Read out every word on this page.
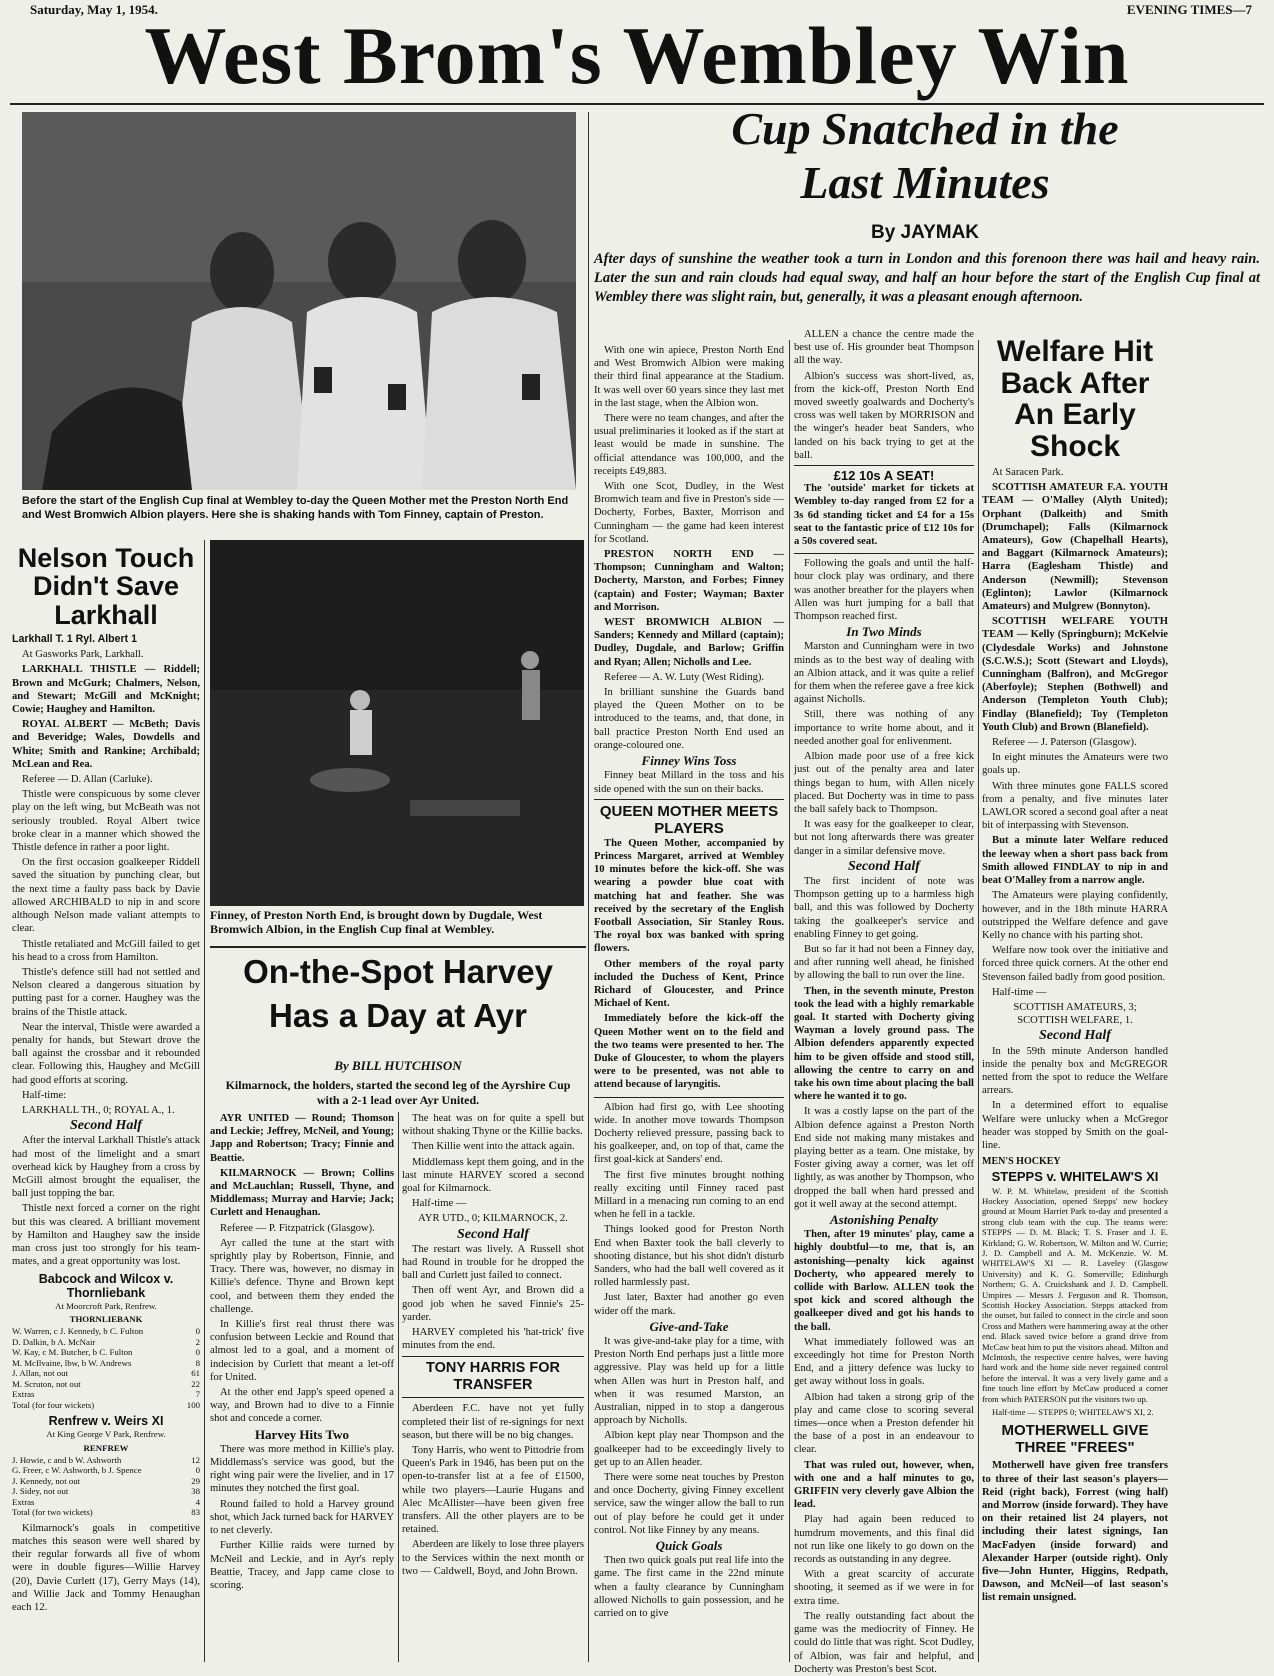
Saturday, May 1, 1954.	EVENING TIMES—7
West Brom's Wembley Win
Before the start of the English Cup final at Wembley to-day the Queen Mother met the Preston North End and West Bromwich Albion players. Here she is shaking hands with Tom Finney, captain of Preston.
Cup Snatched in the
Last Minutes
By JAYMAK
After days of sunshine the weather took a turn in London and this forenoon there was hail and heavy rain. Later the sun and rain clouds had equal sway, and half an hour before the start of the English Cup final at Wembley there was slight rain, but, generally, it was a pleasant enough afternoon.

With one win apiece, Preston North End and West Bromwich Albion were making their third final appearance at the Stadium. It was well over 60 years since they last met in the last stage, when the Albion won.

There were no team changes, and after the usual preliminaries it looked as if the start at least would be made in sunshine. The official attendance was 100,000, and the receipts £49,883.

With one Scot, Dudley, in the West Bromwich team and five in Preston's side — Docherty, Forbes, Baxter, Morrison and Cunningham — the game had keen interest for Scotland.

PRESTON NORTH END — Thompson; Cunningham and Walton; Docherty, Marston, and Forbes; Finney (captain) and Foster; Wayman; Baxter and Morrison.

WEST BROMWICH ALBION — Sanders; Kennedy and Millard (captain); Dudley, Dugdale, and Barlow; Griffin and Ryan; Allen; Nicholls and Lee.

Referee — A. W. Luty (West Riding).

In brilliant sunshine the Guards band played the Queen Mother on to be introduced to the teams, and, that done, in ball practice Preston North End used an orange-coloured one.

Finney Wins Toss

Finney beat Millard in the toss and his side opened with the sun on their backs.

QUEEN MOTHER MEETS PLAYERS

The Queen Mother, accompanied by Princess Margaret, arrived at Wembley 10 minutes before the kick-off. She was wearing a powder blue coat with matching hat and feather. She was received by the secretary of the English Football Association, Sir Stanley Rous. The royal box was banked with spring flowers.

Other members of the royal party included the Duchess of Kent, Prince Richard of Gloucester, and Prince Michael of Kent.

Immediately before the kick-off the Queen Mother went on to the field and the two teams were presented to her. The Duke of Gloucester, to whom the players were to be presented, was not able to attend because of laryngitis.

Albion had first go, with Lee shooting wide. In another move towards Thompson Docherty relieved pressure, passing back to his goalkeeper, and, on top of that, came the first goal-kick at Sanders' end.

The first five minutes brought nothing really exciting until Finney raced past Millard in a menacing run coming to an end when he fell in a tackle.

Things looked good for Preston North End when Baxter took the ball cleverly to shooting distance, but his shot didn't disturb Sanders, who had the ball well covered as it rolled harmlessly past.

Just later, Baxter had another go even wider off the mark.

Give-and-Take

It was give-and-take play for a time, with Preston North End perhaps just a little more aggressive. Play was held up for a little when Allen was hurt in Preston half, and when it was resumed Marston, an Australian, nipped in to stop a dangerous approach by Nicholls.

Albion kept play near Thompson and the goalkeeper had to be exceedingly lively to get up to an Allen header.

There were some neat touches by Preston and once Docherty, giving Finney excellent service, saw the winger allow the ball to run out of play before he could get it under control. Not like Finney by any means.

Quick Goals

Then two quick goals put real life into the game. The first came in the 22nd minute when a faulty clearance by Cunningham allowed Nicholls to gain possession, and he carried on to give

ALLEN a chance the centre made the best use of. His grounder beat Thompson all the way.

Albion's success was short-lived, as, from the kick-off, Preston North End moved sweetly goalwards and Docherty's cross was well taken by MORRISON and the winger's header beat Sanders, who landed on his back trying to get at the ball.

£12 10s A SEAT!

The 'outside' market for tickets at Wembley to-day ranged from £2 for a 3s 6d standing ticket and £4 for a 15s seat to the fantastic price of £12 10s for a 50s covered seat.

Following the goals and until the half-hour clock play was ordinary, and there was another breather for the players when Allen was hurt jumping for a ball that Thompson reached first.

In Two Minds

Marston and Cunningham were in two minds as to the best way of dealing with an Albion attack, and it was quite a relief for them when the referee gave a free kick against Nicholls.

Still, there was nothing of any importance to write home about, and it needed another goal for enlivenment.

Albion made poor use of a free kick just out of the penalty area and later things began to hum, with Allen nicely placed. But Docherty was in time to pass the ball safely back to Thompson.

It was easy for the goalkeeper to clear, but not long afterwards there was greater danger in a similar defensive move.

Second Half

The first incident of note was Thompson getting up to a harmless high ball, and this was followed by Docherty taking the goalkeeper's service and enabling Finney to get going.

But so far it had not been a Finney day, and after running well ahead, he finished by allowing the ball to run over the line.

Then, in the seventh minute, Preston took the lead with a highly remarkable goal. It started with Docherty giving Wayman a lovely ground pass. The Albion defenders apparently expected him to be given offside and stood still, allowing the centre to carry on and take his own time about placing the ball where he wanted it to go.

It was a costly lapse on the part of the Albion defence against a Preston North End side not making many mistakes and playing better as a team. One mistake, by Foster giving away a corner, was let off lightly, as was another by Thompson, who dropped the ball when hard pressed and got it well away at the second attempt.

Astonishing Penalty

Then, after 19 minutes' play, came a highly doubtful—to me, that is, an astonishing—penalty kick against Docherty, who appeared merely to collide with Barlow. ALLEN took the spot kick and scored although the goalkeeper dived and got his hands to the ball.

What immediately followed was an exceedingly hot time for Preston North End, and a jittery defence was lucky to get away without loss in goals.

Albion had taken a strong grip of the play and came close to scoring several times—once when a Preston defender hit the base of a post in an endeavour to clear.

That was ruled out, however, when, with one and a half minutes to go, GRIFFIN very cleverly gave Albion the lead.

Play had again been reduced to humdrum movements, and this final did not run like one likely to go down on the records as outstanding in any degree.

With a great scarcity of accurate shooting, it seemed as if we were in for extra time.

The really outstanding fact about the game was the mediocrity of Finney. He could do little that was right. Scot Dudley, of Albion, was fair and helpful, and Docherty was Preston's best Scot.

Welfare Hit Back After An Early Shock

At Saracen Park.

SCOTTISH AMATEUR F.A. YOUTH TEAM — O'Malley (Alyth United); Orphant (Dalkeith) and Smith (Drumchapel); Falls (Kilmarnock Amateurs), Gow (Chapelhall Hearts), and Baggart (Kilmarnock Amateurs); Harra (Eaglesham Thistle) and Anderson (Newmill); Stevenson (Eglinton); Lawlor (Kilmarnock Amateurs) and Mulgrew (Bonnyton).

SCOTTISH WELFARE YOUTH TEAM — Kelly (Springburn); McKelvie (Clydesdale Works) and Johnstone (S.C.W.S.); Scott (Stewart and Lloyds), Cunningham (Balfron), and McGregor (Aberfoyle); Stephen (Bothwell) and Anderson (Templeton Youth Club); Findlay (Blanefield); Toy (Templeton Youth Club) and Brown (Blanefield).

Referee — J. Paterson (Glasgow).

In eight minutes the Amateurs were two goals up.

With three minutes gone FALLS scored from a penalty, and five minutes later LAWLOR scored a second goal after a neat bit of interpassing with Stevenson.

But a minute later Welfare reduced the leeway when a short pass back from Smith allowed FINDLAY to nip in and beat O'Malley from a narrow angle.

The Amateurs were playing confidently, however, and in the 18th minute HARRA outstripped the Welfare defence and gave Kelly no chance with his parting shot.

Welfare now took over the initiative and forced three quick corners. At the other end Stevenson failed badly from good position.

Half-time —

SCOTTISH AMATEURS, 3;
SCOTTISH WELFARE, 1.
Second Half

In the 59th minute Anderson handled inside the penalty box and McGREGOR netted from the spot to reduce the Welfare arrears.

In a determined effort to equalise Welfare were unlucky when a McGregor header was stopped by Smith on the goal-line.

MEN'S HOCKEY
STEPPS v. WHITELAW'S XI

W. P. M. Whitelaw, president of the Scottish Hockey Association, opened Stepps' new hockey ground at Mount Harriet Park to-day and presented a strong club team with the cup. The teams were: STEPPS — D. M. Black; T. S. Fraser and J. E. Kirkland; G. W. Robertson, W. Milton and W. Currie; J. D. Campbell and A. M. McKenzie. W. M. WHITELAW'S XI — R. Laveley (Glasgow University) and K. G. Somerville; Edinburgh Northern; G. A. Cruickshank and J. D. Campbell. Umpires — Messrs J. Ferguson and R. Thomson, Scottish Hockey Association. Stepps attacked from the outset, but failed to connect in the circle and soon Cross and Mathers were hammering away at the other end. Black saved twice before a grand drive from McCaw beat him to put the visitors ahead. Milton and McIntosh, the respective centre halves, were having hard work and the home side never regained control before the interval. It was a very lively game and a fine touch line effort by McCaw produced a corner from which PATERSON put the visitors two up.

Half-time — STEPPS 0; WHITELAW'S XI, 2.

MOTHERWELL GIVE THREE "FREES"

Motherwell have given free transfers to three of their last season's players—Reid (right back), Forrest (wing half) and Morrow (inside forward). They have on their retained list 24 players, not including their latest signings, Ian MacFadyen (inside forward) and Alexander Harper (outside right). Only five—John Hunter, Higgins, Redpath, Dawson, and McNeil—of last season's list remain unsigned.

Finney, of Preston North End, is brought down by Dugdale, West Bromwich Albion, in the English Cup final at Wembley.
Nelson Touch Didn't Save Larkhall

Larkhall T. 1 Ryl. Albert 1

At Gasworks Park, Larkhall.

LARKHALL THISTLE — Riddell; Brown and McGurk; Chalmers, Nelson, and Stewart; McGill and McKnight; Cowie; Haughey and Hamilton.

ROYAL ALBERT — McBeth; Davis and Beveridge; Wales, Dowdells and White; Smith and Rankine; Archibald; McLean and Rea.

Referee — D. Allan (Carluke).

Thistle were conspicuous by some clever play on the left wing, but McBeath was not seriously troubled. Royal Albert twice broke clear in a manner which showed the Thistle defence in rather a poor light.

On the first occasion goalkeeper Riddell saved the situation by punching clear, but the next time a faulty pass back by Davie allowed ARCHIBALD to nip in and score although Nelson made valiant attempts to clear.

Thistle retaliated and McGill failed to get his head to a cross from Hamilton.

Thistle's defence still had not settled and Nelson cleared a dangerous situation by putting past for a corner. Haughey was the brains of the Thistle attack.

Near the interval, Thistle were awarded a penalty for hands, but Stewart drove the ball against the crossbar and it rebounded clear. Following this, Haughey and McGill had good efforts at scoring.

Half-time:

LARKHALL TH., 0; ROYAL A., 1.

Second Half

After the interval Larkhall Thistle's attack had most of the limelight and a smart overhead kick by Haughey from a cross by McGill almost brought the equaliser, the ball just topping the bar.

Thistle next forced a corner on the right but this was cleared. A brilliant movement by Hamilton and Haughey saw the inside man cross just too strongly for his team-mates, and a great opportunity was lost.

Babcock and Wilcox v. Thornliebank
At Moorcroft Park, Renfrew.
THORNLIEBANK
W. Warren, c J. Kennedy, b C. Fulton	0
D. Dalkin, b A. McNair	2
W. Kay, c M. Butcher, b C. Fulton	0
M. McIlvaine, lbw, b W. Andrews	8
J. Allan, not out	61
M. Scruton, not out	22
Extras	7
Total (for four wickets)	100
Renfrew v. Weirs XI
At King George V Park, Renfrew.
RENFREW
J. Howie, c and b W. Ashworth	12
G. Freer, c W. Ashworth, b J. Spence	0
J. Kennedy, not out	29
J. Sidey, not out	38
Extras	4
Total (for two wickets)	83

Kilmarnock's goals in competitive matches this season were well shared by their regular forwards all five of whom were in double figures—Willie Harvey (20), Davie Curlett (17), Gerry Mays (14), and Willie Jack and Tommy Henaughan each 12.

On-the-Spot Harvey
Has a Day at Ayr
By BILL HUTCHISON
Kilmarnock, the holders, started the second leg of the Ayrshire Cup with a 2-1 lead over Ayr United.

AYR UNITED — Round; Thomson and Leckie; Jeffrey, McNeil, and Young; Japp and Robertson; Tracy; Finnie and Beattie.

KILMARNOCK — Brown; Collins and McLauchlan; Russell, Thyne, and Middlemass; Murray and Harvie; Jack; Curlett and Henaughan.

Referee — P. Fitzpatrick (Glasgow).

Ayr called the tune at the start with sprightly play by Robertson, Finnie, and Tracy. There was, however, no dismay in Killie's defence. Thyne and Brown kept cool, and between them they ended the challenge.

In Killie's first real thrust there was confusion between Leckie and Round that almost led to a goal, and a moment of indecision by Curlett that meant a let-off for United.

At the other end Japp's speed opened a way, and Brown had to dive to a Finnie shot and concede a corner.

Harvey Hits Two

There was more method in Killie's play. Middlemass's service was good, but the right wing pair were the livelier, and in 17 minutes they notched the first goal.

Round failed to hold a Harvey ground shot, which Jack turned back for HARVEY to net cleverly.

Further Killie raids were turned by McNeil and Leckie, and in Ayr's reply Beattie, Tracey, and Japp came close to scoring.

The heat was on for quite a spell but without shaking Thyne or the Killie backs.

Then Killie went into the attack again.

Middlemass kept them going, and in the last minute HARVEY scored a second goal for Kilmarnock.

Half-time —

AYR UTD., 0; KILMARNOCK, 2.
Second Half

The restart was lively. A Russell shot had Round in trouble for he dropped the ball and Curlett just failed to connect.

Then off went Ayr, and Brown did a good job when he saved Finnie's 25-yarder.

HARVEY completed his 'hat-trick' five minutes from the end.

TONY HARRIS FOR TRANSFER

Aberdeen F.C. have not yet fully completed their list of re-signings for next season, but there will be no big changes.

Tony Harris, who went to Pittodrie from Queen's Park in 1946, has been put on the open-to-transfer list at a fee of £1500, while two players—Laurie Hugans and Alec McAllister—have been given free transfers. All the other players are to be retained.

Aberdeen are likely to lose three players to the Services within the next month or two — Caldwell, Boyd, and John Brown.
